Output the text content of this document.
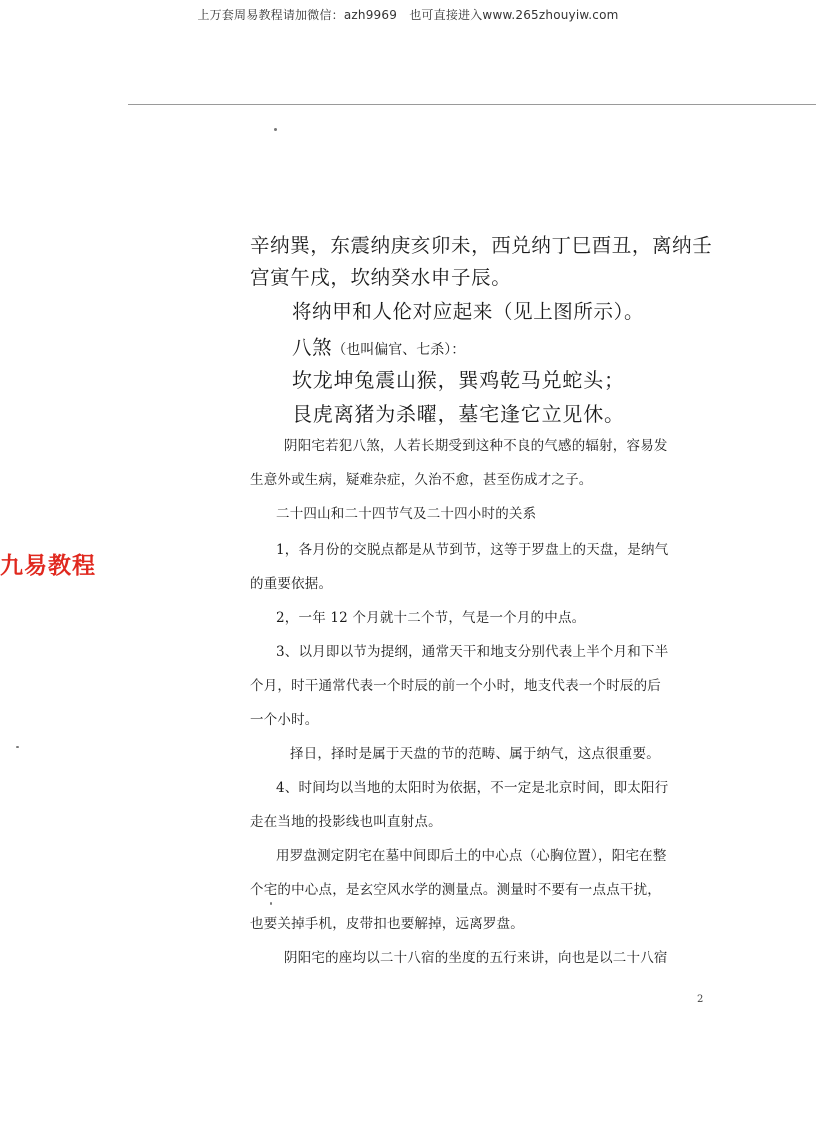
上万套周易教程请加微信：azh9969　也可直接进入www.265zhouyiw.com
九易教程
辛纳巽，东震纳庚亥卯未，西兑纳丁巳酉丑，离纳壬
宫寅午戌，坎纳癸水申子辰。
将纳甲和人伦对应起来（见上图所示）。
八煞（也叫偏官、七杀）：
坎龙坤兔震山猴，巽鸡乾马兑蛇头；
艮虎离猪为杀曜，墓宅逢它立见休。
阴阳宅若犯八煞，人若长期受到这种不良的气感的辐射，容易发
生意外或生病，疑难杂症，久治不愈，甚至伤成才之子。
二十四山和二十四节气及二十四小时的关系
1，各月份的交脱点都是从节到节，这等于罗盘上的天盘，是纳气
的重要依据。
2，一年 12 个月就十二个节，气是一个月的中点。
3、以月即以节为提纲，通常天干和地支分别代表上半个月和下半
个月，时干通常代表一个时辰的前一个小时，地支代表一个时辰的后
一个小时。
择日，择时是属于天盘的节的范畴、属于纳气，这点很重要。
4、时间均以当地的太阳时为依据，不一定是北京时间，即太阳行
走在当地的投影线也叫直射点。
用罗盘测定阴宅在墓中间即后土的中心点（心胸位置），阳宅在整
个宅的中心点，是玄空风水学的测量点。测量时不要有一点点干扰，
也要关掉手机，皮带扣也要解掉，远离罗盘。
阴阳宅的座均以二十八宿的坐度的五行来讲，向也是以二十八宿
2
